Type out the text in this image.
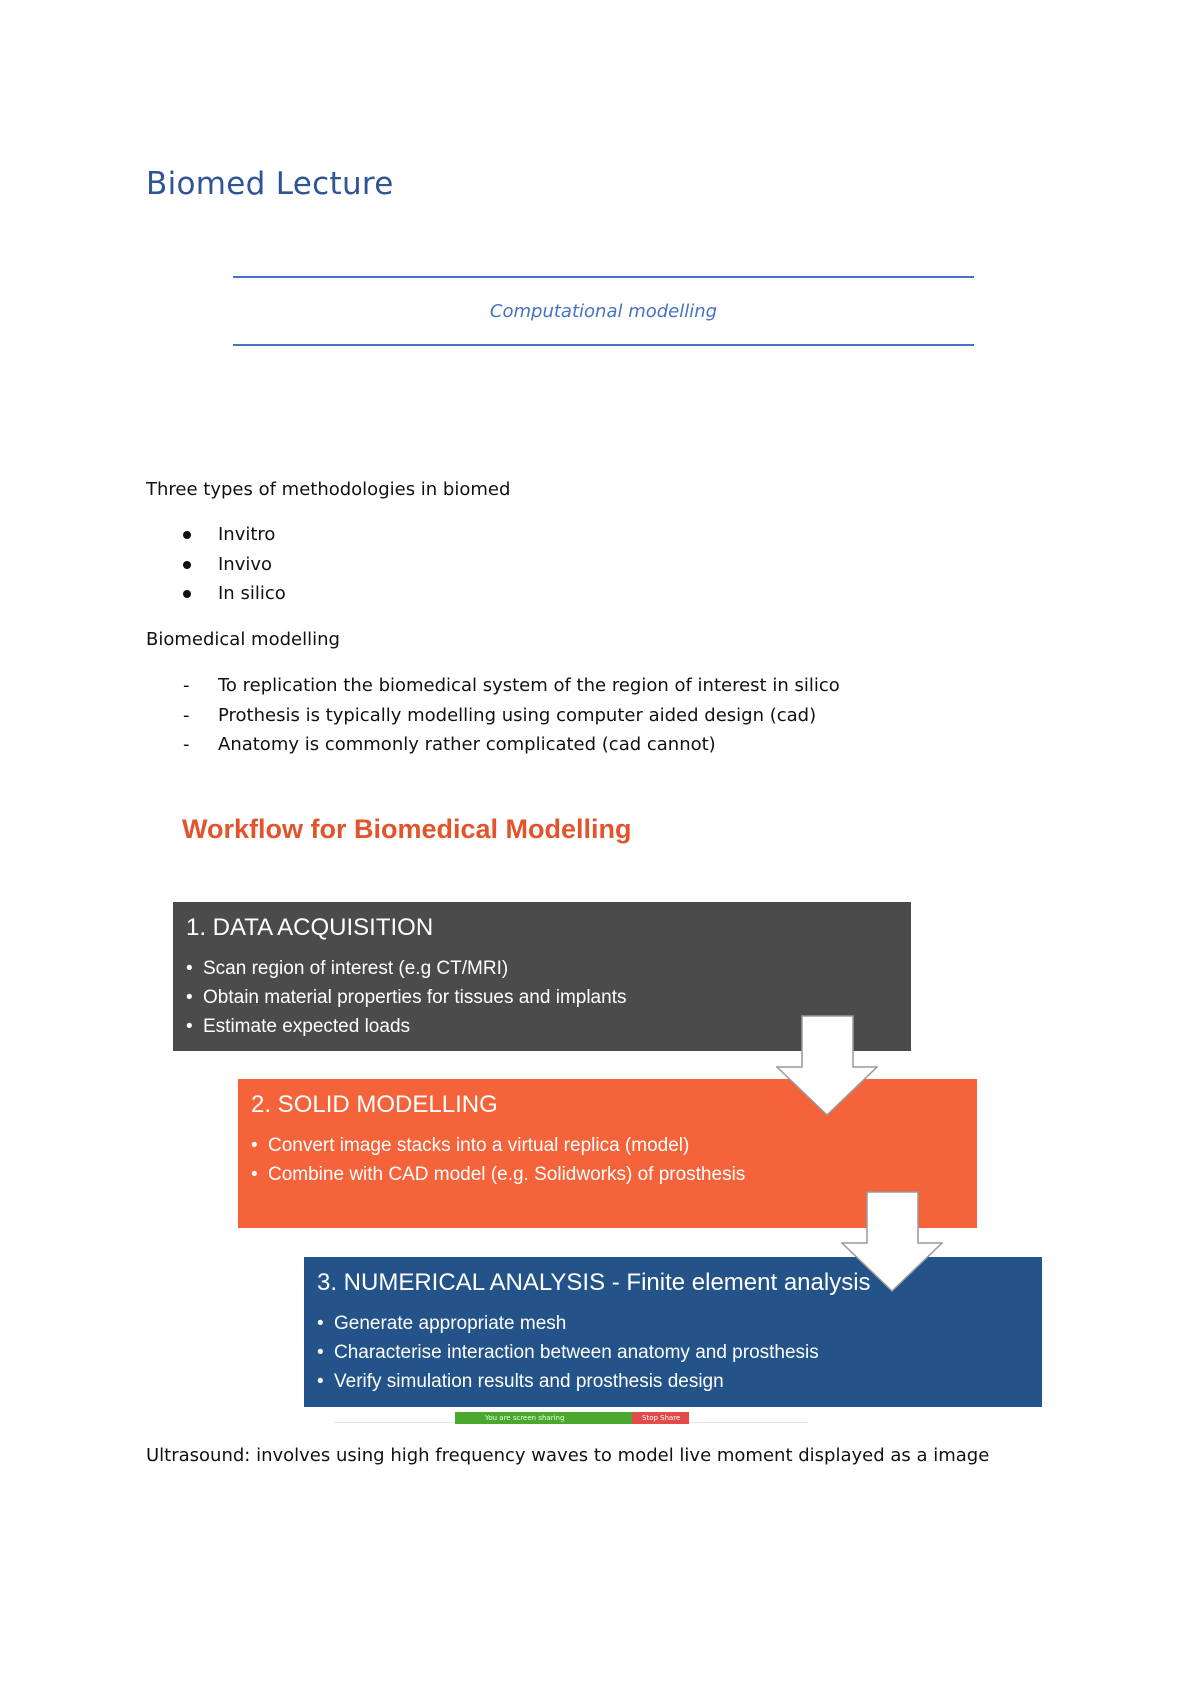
Biomed Lecture
Computational modelling
Three types of methodologies in biomed
Invitro
Invivo
In silico
Biomedical modelling
- To replication the biomedical system of the region of interest in silico
- Prothesis is typically modelling using computer aided design (cad)
- Anatomy is commonly rather complicated (cad cannot)
Workflow for Biomedical Modelling
1. DATA ACQUISITION
• Scan region of interest (e.g CT/MRI)
• Obtain material properties for tissues and implants
• Estimate expected loads
2. SOLID MODELLING
• Convert image stacks into a virtual replica (model)
• Combine with CAD model (e.g. Solidworks) of prosthesis
3. NUMERICAL ANALYSIS - Finite element analysis
• Generate appropriate mesh
• Characterise interaction between anatomy and prosthesis
• Verify simulation results and prosthesis design
You are screen sharing	Stop Share
Ultrasound: involves using high frequency waves to model live moment displayed as a image
